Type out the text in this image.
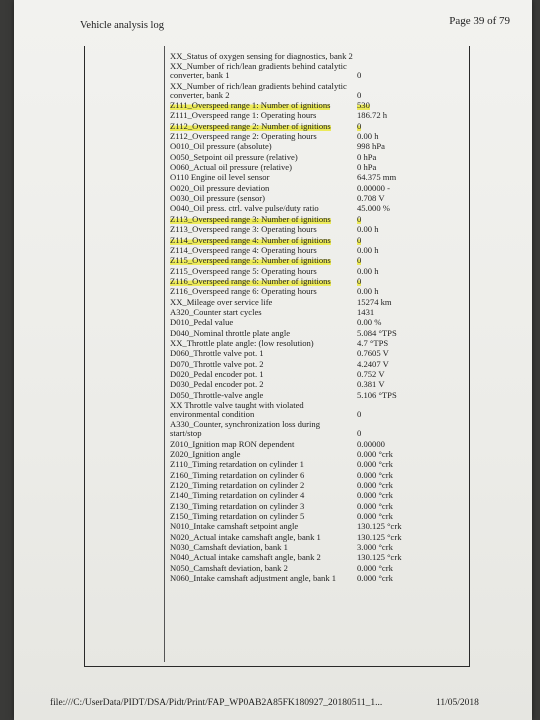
Vehicle analysis log	Page 39 of 79
XX_Status of oxygen sensing for diagnostics, bank 2
XX_Number of rich/lean gradients behind catalytic converter, bank 1	0
XX_Number of rich/lean gradients behind catalytic converter, bank 2	0
Z111_Overspeed range 1: Number of ignitions	530
Z111_Overspeed range 1: Operating hours	186.72 h
Z112_Overspeed range 2: Number of ignitions	0
Z112_Overspeed range 2: Operating hours	0.00 h
O010_Oil pressure (absolute)	998 hPa
O050_Setpoint oil pressure (relative)	0 hPa
O060_Actual oil pressure (relative)	0 hPa
O110 Engine oil level sensor	64.375 mm
O020_Oil pressure deviation	0.00000 -
O030_Oil pressure (sensor)	0.708 V
O040_Oil press. ctrl. valve pulse/duty ratio	45.000 %
Z113_Overspeed range 3: Number of ignitions	0
Z113_Overspeed range 3: Operating hours	0.00 h
Z114_Overspeed range 4: Number of ignitions	0
Z114_Overspeed range 4: Operating hours	0.00 h
Z115_Overspeed range 5: Number of ignitions	0
Z115_Overspeed range 5: Operating hours	0.00 h
Z116_Overspeed range 6: Number of ignitions	0
Z116_Overspeed range 6: Operating hours	0.00 h
XX_Mileage over service life	15274 km
A320_Counter start cycles	1431
D010_Pedal value	0.00 %
D040_Nominal throttle plate angle	5.084 °TPS
XX_Throttle plate angle: (low resolution)	4.7 °TPS
D060_Throttle valve pot. 1	0.7605 V
D070_Throttle valve pot. 2	4.2407 V
D020_Pedal encoder pot. 1	0.752 V
D030_Pedal encoder pot. 2	0.381 V
D050_Throttle-valve angle	5.106 °TPS
XX Throttle valve taught with violated environmental condition	0
A330_Counter, synchronization loss during start/stop	0
Z010_Ignition map RON dependent	0.00000
Z020_Ignition angle	0.000 °crk
Z110_Timing retardation on cylinder 1	0.000 °crk
Z160_Timing retardation on cylinder 6	0.000 °crk
Z120_Timing retardation on cylinder 2	0.000 °crk
Z140_Timing retardation on cylinder 4	0.000 °crk
Z130_Timing retardation on cylinder 3	0.000 °crk
Z150_Timing retardation on cylinder 5	0.000 °crk
N010_Intake camshaft setpoint angle	130.125 °crk
N020_Actual intake camshaft angle, bank 1	130.125 °crk
N030_Camshaft deviation, bank 1	3.000 °crk
N040_Actual intake camshaft angle, bank 2	130.125 °crk
N050_Camshaft deviation, bank 2	0.000 °crk
N060_Intake camshaft adjustment angle, bank 1	0.000 °crk
file:///C:/UserData/PIDT/DSA/Pidt/Print/FAP_WP0AB2A85FK180927_20180511_1...	11/05/2018
